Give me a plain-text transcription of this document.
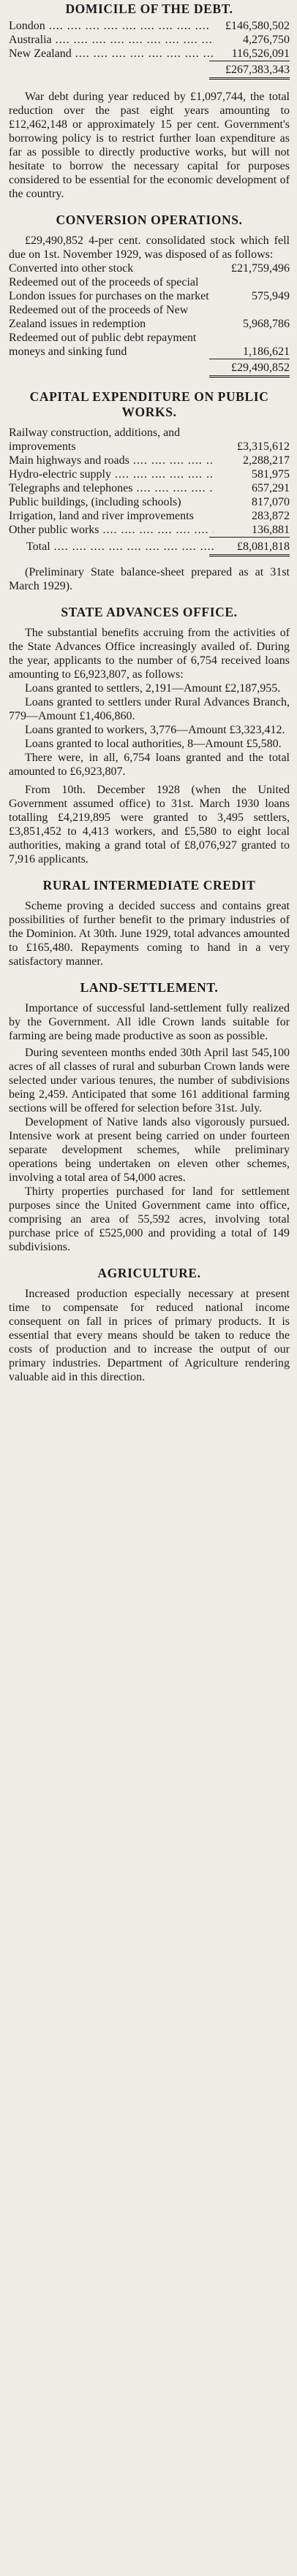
DOMICILE OF THE DEBT.
London ....	£146,580,502
Australia ....	4,276,750
New Zealand ....	116,526,091
£267,383,343

War debt during year reduced by £1,097,744, the total reduction over the past eight years amounting to £12,462,148 or approximately 15 per cent. Government's borrowing policy is to restrict further loan expenditure as far as possible to directly productive works, but will not hesitate to borrow the necessary capital for purposes considered to be essential for the economic development of the country.

CONVERSION OPERATIONS.

£29,490,852 4-per cent. consolidated stock which fell due on 1st. November 1929, was disposed of as follows:

Converted into other stock	£21,759,496
Redeemed out of the proceeds of special London issues for purchases on the market	575,949
Redeemed out of the proceeds of New Zealand issues in redemption	5,968,786
Redeemed out of public debt repayment moneys and sinking fund	1,186,621
£29,490,852
CAPITAL EXPENDITURE ON PUBLIC WORKS.
Railway construction, additions, and improvements	£3,315,612
Main highways and roads ....	2,288,217
Hydro-electric supply ....	581,975
Telegraphs and telephones ....	657,291
Public buildings, (including schools)	817,070
Irrigation, land and river improvements	283,872
Other public works ....	136,881
Total ....	£8,081,818

(Preliminary State balance-sheet prepared as at 31st March 1929).

STATE ADVANCES OFFICE.

The substantial benefits accruing from the activities of the State Advances Office increasingly availed of. During the year, applicants to the number of 6,754 received loans amounting to £6,923,807, as follows:

Loans granted to settlers, 2,191—Amount £2,187,955.

Loans granted to settlers under Rural Advances Branch, 779—Amount £1,406,860.

Loans granted to workers, 3,776—Amount £3,323,412.

Loans granted to local authorities, 8—Amount £5,580.

There were, in all, 6,754 loans granted and the total amounted to £6,923,807.

From 10th. December 1928 (when the United Government assumed office) to 31st. March 1930 loans totalling £4,219,895 were granted to 3,495 settlers, £3,851,452 to 4,413 workers, and £5,580 to eight local authorities, making a grand total of £8,076,927 granted to 7,916 applicants.

RURAL INTERMEDIATE CREDIT

Scheme proving a decided success and contains great possibilities of further benefit to the primary industries of the Dominion. At 30th. June 1929, total advances amounted to £165,480. Repayments coming to hand in a very satisfactory manner.

LAND-SETTLEMENT.

Importance of successful land-settlement fully realized by the Government. All idle Crown lands suitable for farming are being made productive as soon as possible.

During seventeen months ended 30th April last 545,100 acres of all classes of rural and suburban Crown lands were selected under various tenures, the number of subdivisions being 2,459. Anticipated that some 161 additional farming sections will be offered for selection before 31st. July.

Development of Native lands also vigorously pursued. Intensive work at present being carried on under fourteen separate development schemes, while preliminary operations being undertaken on eleven other schemes, involving a total area of 54,000 acres.

Thirty properties purchased for land for settlement purposes since the United Government came into office, comprising an area of 55,592 acres, involving total purchase price of £525,000 and providing a total of 149 subdivisions.

AGRICULTURE.

Increased production especially necessary at present time to compensate for reduced national income consequent on fall in prices of primary products. It is essential that every means should be taken to reduce the costs of production and to increase the output of our primary industries. Department of Agriculture rendering valuable aid in this direction.
